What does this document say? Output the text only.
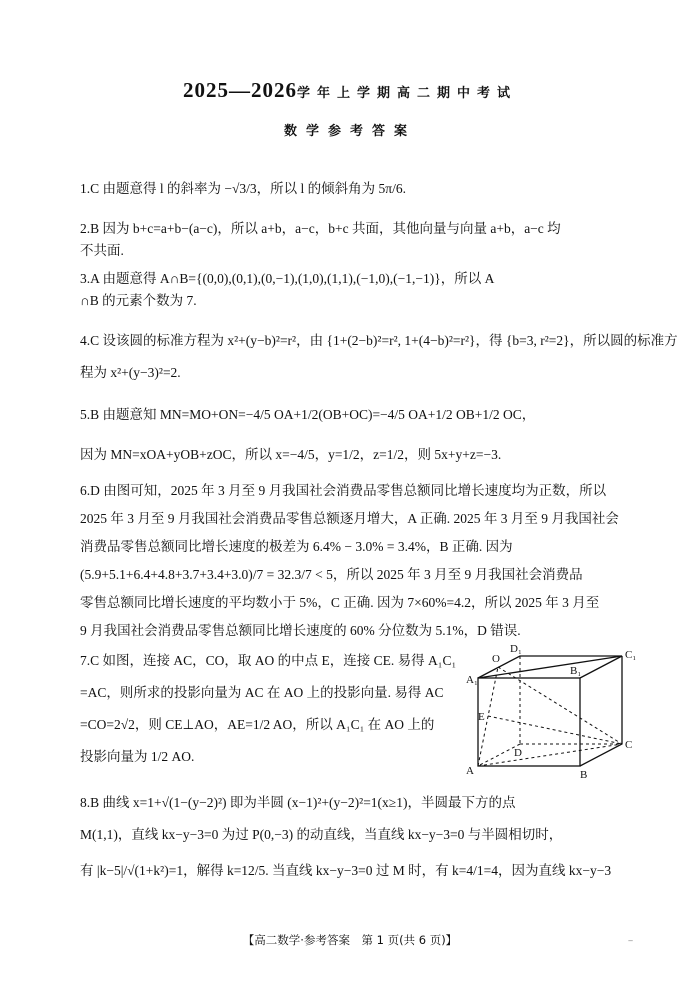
2025—2026学年上学期高二期中考试
数学参考答案
1.C 由题意得 l 的斜率为 −√3/3，所以 l 的倾斜角为 5π/6.
2.B 因为 b+c=a+b−(a−c)，所以 a+b，a−c，b+c 共面，其他向量与向量 a+b，a−c 均
不共面.
3.A 由题意得 A∩B={(0,0),(0,1),(0,−1),(1,0),(1,1),(−1,0),(−1,−1)}，所以 A
∩B 的元素个数为 7.
4.C 设该圆的标准方程为 x²+(y−b)²=r²，由 {1+(2−b)²=r², 1+(4−b)²=r²}，得 {b=3, r²=2}，所以圆的标准方
程为 x²+(y−3)²=2.
5.B 由题意知 MN=MO+ON=−4/5 OA+1/2(OB+OC)=−4/5 OA+1/2 OB+1/2 OC，
因为 MN=xOA+yOB+zOC，所以 x=−4/5，y=1/2，z=1/2，则 5x+y+z=−3.
6.D 由图可知，2025 年 3 月至 9 月我国社会消费品零售总额同比增长速度均为正数，所以
2025 年 3 月至 9 月我国社会消费品零售总额逐月增大，A 正确. 2025 年 3 月至 9 月我国社会
消费品零售总额同比增长速度的极差为 6.4% − 3.0% = 3.4%，B 正确. 因为
(5.9+5.1+6.4+4.8+3.7+3.4+3.0)/7 = 32.3/7 < 5，所以 2025 年 3 月至 9 月我国社会消费品
零售总额同比增长速度的平均数小于 5%，C 正确. 因为 7×60%=4.2，所以 2025 年 3 月至
9 月我国社会消费品零售总额同比增长速度的 60% 分位数为 5.1%，D 错误.
7.C 如图，连接 AC，CO，取 AO 的中点 E，连接 CE. 易得 A₁C₁
=AC，则所求的投影向量为 AC 在 AO 上的投影向量. 易得 AC
=CO=2√2，则 CE⊥AO，AE=1/2 AO，所以 A₁C₁ 在 AO 上的
投影向量为 1/2 AO.
O
D₁	C₁
A₁
B₁
E
D
C
A	B
8.B 曲线 x=1+√(1−(y−2)²) 即为半圆 (x−1)²+(y−2)²=1(x≥1)，半圆最下方的点
M(1,1)，直线 kx−y−3=0 为过 P(0,−3) 的动直线，当直线 kx−y−3=0 与半圆相切时，
有 |k−5|/√(1+k²)=1，解得 k=12/5. 当直线 kx−y−3=0 过 M 时，有 k=4/1=4，因为直线 kx−y−3
【高二数学·参考答案　第 1 页(共 6 页)】	‒
